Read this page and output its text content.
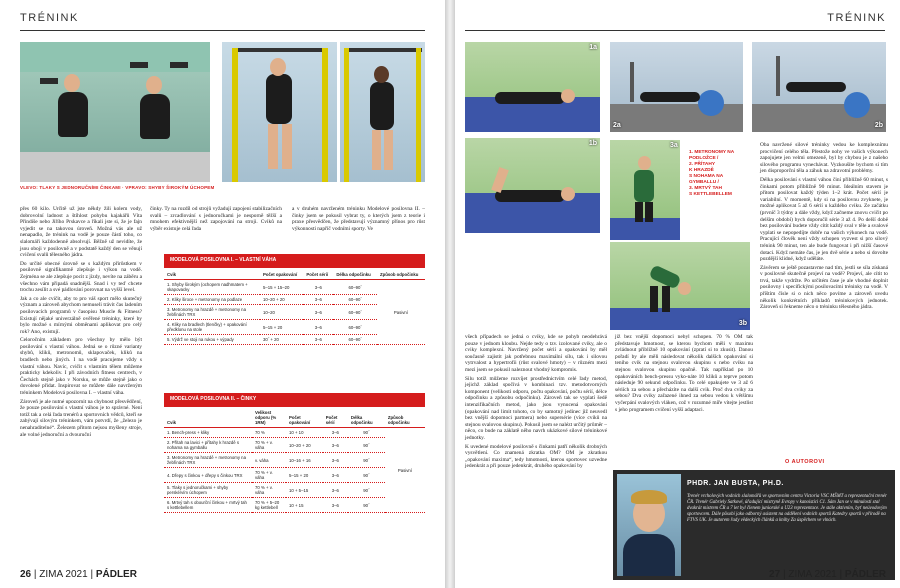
TRÉNINK
VLEVO: TLAKY S JEDNORUČNÍMI ČINKAMI · VPRAVO: SHYBY ŠIROKÝM ÚCHOPEM

přes 60 kilo. Určitě už jste někdy žili kolem vody, dobrovolní ladnost a štíhlost pohybu kajakářů Víta Přindiše nebo Jiřího Prskavce a říkali jste si, že je fajn vyjedit se na takovou úroveň. Možná vás ale už nenapadlo, že trénink na vodě je pouze částí toho, co slalomáři každodenně absolvují. Běžně už nevidíte, že jsou oboji v posilovně a v podstatě každý den se věnují cvičení svalů tělesného jádra.

Do určité obecné úrovně se s každým přirůstkem v posilovně signifikantně zlepšuje i výkon na vodě. Zejména se ale zlepšuje pocit z jízdy, nevíte na záběru a všechno vám připadá snadnější. Snad i vy teď chcete trochu zesílit a své pádlování porovnat na vyšší level.

Jak a co ale cvičit, aby to pro váš sport mělo skutečný význam a zároveň abychom nemuseli trávit čas ladením posilovacích programů v časopisu Muscle & Fitness? Existují nějaké univerzálně ověřené tréninky, které by bylo možné s mírnými obměnami aplikovat pro celý rok? Ano, existují.

Celoročním základem pro všechny by mělo být posilování s vlastní váhou. Jedná se o různé varianty shybů, kliků, metronomů, sklapovaček, kliků na bradlech nebo jiných. I na vodě pracujeme vždy s vlastní váhou. Navíc, cvičit s vlastním tělem můžeme prakticky kdekoliv. I při závodních fitness centrech, v Čechách stejně jako v Norsku, se může stejně jako o dovolené přidat. Inspirovat se můžete dále navrženým tréninkem Modelová posilovna I. – vlastní váha.

Zároveň je ale nutné upozornit na chybnost přesvědčení, že pouze posilování s vlastní váhou je to správné. Není totiž tak a celá řada trenérů a sportovních vědců, kteří se zabývají silovým tréninkem, vám potvrdí, že „železo je nenahraditelné“. Železem přitom nejsou myšleny stroje, ale volné jednoruční a dvouruční

činky. Ty na rozdíl od strojů vyžadují zapojení stabilizačních svalů – zrcadlování s jednoručkami je nesporně těžší a mnohem efektivnější než zapojování na stroji. Cviků na výběr existuje celá řada

a v druhém navrženém tréninku Modelové posilovna II. – činky jsem se pokusil vybrat ty, o kterých jsem z teorie i praxe přesvědčen, že představují významný přínos pro růst výkonnosti napříč vodními sporty. Ve

MODELOVÁ POSILOVNA I. – VLASTNÍ VÁHA
Cvik	Počet opakování	Počet sérií	Délka odpočinku	Způsob odpočinku
1. Shyby širokým (ochopem nadhmatem + skapovacky	5–15 + 15–20	3–6	60–90˝	Pasivní
2. Kliky široce + metronomy na podlaze	10–20 + 20	3–6	60–90˝	
3. Metronomy na hrazdě + metronomy na žebřinách TRX	10–20	3–6	60–90˝	
4. Kliky na bradlech (tlenčky) + opakování předklonu na stole	5–15 + 20	3–6	60–90˝	
5. Výdrž ve stoji na rukou + výpady	30˝ + 20	3–6	60–90˝	
MODELOVÁ POSILOVNA II. – ČINKY
Cvik	Velikost odporu (% 1RM)	Počet opakování	Počet sérií	Délka odpočinku	Způsob odpočinku
1. Bench-press + kliky	70 %	10 + 10	3–6	90˝	Pasivní
2. Přítah na lavici + přítahy k hrazdě s nohama na gymballu	70 % + v. váha	10–20 + 20	3–6	90˝	
3. Metronomy na hrazdě + metronomy na žebřinách TRX	v. váha	10–16 + 16	3–6	90˝	
4. Dřepy s činkou + dřepy s činkou TRX	70 % + v. váha	5–15 + 20	3–6	90˝	
5. Tlaky s jednoručkami + shyby perské/vím úchopem	70 % + v. váha	10 + 5–15	3–6	90˝	
6. Mrtvý tah s obourční činkou + mrtvý tah s kettlebellem	70 % + 5–20 kg kettlebell	10 + 15	3–6	90˝	
26 | ZIMA 2021 | PÁDLER
TRÉNINK
1a
2a	2b
1b
1. METRONOMY NA PODLOŽCE /
2. PŘÍTAHY
K HRAZDĚ
S NOHAMA NA
GYMBALLU /
3. MRTVÝ TAH
S KETTLEBELLEM
3b
3a	Oba navržené silové tréninky vedou ke komplexnímu procvičení celého těla. Přestože nohy ve vašich výkonech zapojujete jen velmi omezeně, byl by chybou je z našeho silového programu vynechávat. Vyzkoušíte bychom si tím jen disproporční těla a záhuk na zdravotní problémy.

Délka posilování s vlastní váhou činí přibližně 60 minut, s činkami potom přibližně 90 minut. Ideálním stavem je přitom posilovat každý týden 1–2 krát. Počet sérií je variabilní. V momentě, kdy si na posilovnu zvyknete, je možné aplikovat 5 až 6 sérií u každého cviku. Ze začátku (prvníč 3 týdny a dále vždy, když začneme znovu cvičit po delším období) bych doporučil série 3 až 4. Po delší době bez posilování budete vždy cítit každý sval v těle a svalové vyplati se nepopedíjte dobře na vašich výkonech na vodě. Pracující člověk není vždy schopen vyzvest si pro silový trénink 90 minut, ten ale bude fungovat i při nižší časové dotaci. Když nemáte čas, je jen dvě série a nebo si dovolte pozdější klidné, když uděláte.

Závěrem se ještě pozastavme nad tím, jestli se síla získaná v posilovně skutečně projeví na vodě? Projeví, ale cítit to trvá, takže vydržte. Po určitém čase je ale vhodné doplnit posilovny i specifickými posilovacími tréninky na vodě. V příštím čísle si o nich něco povíme a zároveň uvedu několik konkrétních příkladů tréninkových jednotek. Zároveň si řekneme něco o tréninku tělesného jádra.

všech případech se jedná o cviky, kde se pohyb neodehrává pouze v jednom kloubu. Nejde tedy o tzv. izolované cviky, ale o cviky komplexní. Navržený počet sérií a opakování by měl současně zajistit jak potřebnou maximální sílu, tak i silovou vytrvalost a hypertrofii (růst svalové hmoty) – v různém mezi mezi jsem se pokusil naleznout vhodný kompromis.

Silu totiž můžeme rozvíjet prostřednictvím celé řady metod, jejichž základ spočívá v kombinaci tzv. metodotvorných komponent (velikosti odporu, počtu opakování, počtu sérií, délce odpočinku a způsobu odpočinku). Zároveň tak se vyplatí šedě intenzifikačních metod, jako jsou vynucená opakování (opakování nad limit tohoto, co by samotný jedinec již neuvedl bez vnější dopomoci partnera) nebo supersérie (více cviků na stejnou svalovou skupinu). Pokusil jsem se nalézt určitý průměr – něco, co bude na záklatě něho navrh ukázkové silové tréninkové jednotky.

K uvedené modelové posilovně s činkami patří několik drobných vysvětlení. Co znamená zkratka OM? OM je zkratkou „opakování maxima“, tedy hmotnosti, kterou sportovec uzvedne jedenkrát a při pouze jedenkrát, druhého opakování by

již bez vnější dopomoci nebyl schopen. 70 % OM tak představuje hmotnost, se kterou bychom měli v maximu zvládnout přibližně 10 opakování (zpratí si to zkusit). Danou pořadí by ale měli následovat několik dalších opakování si teniho cvik na stejnou svalovou skupinu s nebo cviku na stejnou svalovou skupinu opačně. Tak například po 10 opakováních bench-pressu vyko-náte 10 kliků a teprve potom následuje 90 sekund odpočinku. To celé opakujete ve 3 až 6 sériích za sebou a přecházíte na další cvik. Proč dva cviky za sebou? Dva cviky zařazené ihned za sebou vedou k většímu vyčerpání svalových vláken, což v rozumné míře vítejte jestlist s jeho programem cvičení vyšší adaptaci.

O AUTOROVI
PHDR. JAN BUSTA, PH.D.
Trenér vrcholových vodních slalomářů ve sportovním centru Victoria VSC MŠMT a reprezentační trenér ČR. Trenér Gabriely Satkové, úřadující mistryně Evropy v kanoistici C1. Sám Jan se v minulosti stal dvakrát mistrem ČR a 7 let byl členem juniorské a U23 reprezentace. Je stále aktivním, byť neúvodovým sportovcem. Dále působí jako odborný asistent na oddělení vodních sportů Katedry sportů v přírodě na FTVS UK. Je autorem řady vědeckých článků a knihy Za úspěchem ve vlnách.
27 | ZIMA 2021 | PÁDLER
